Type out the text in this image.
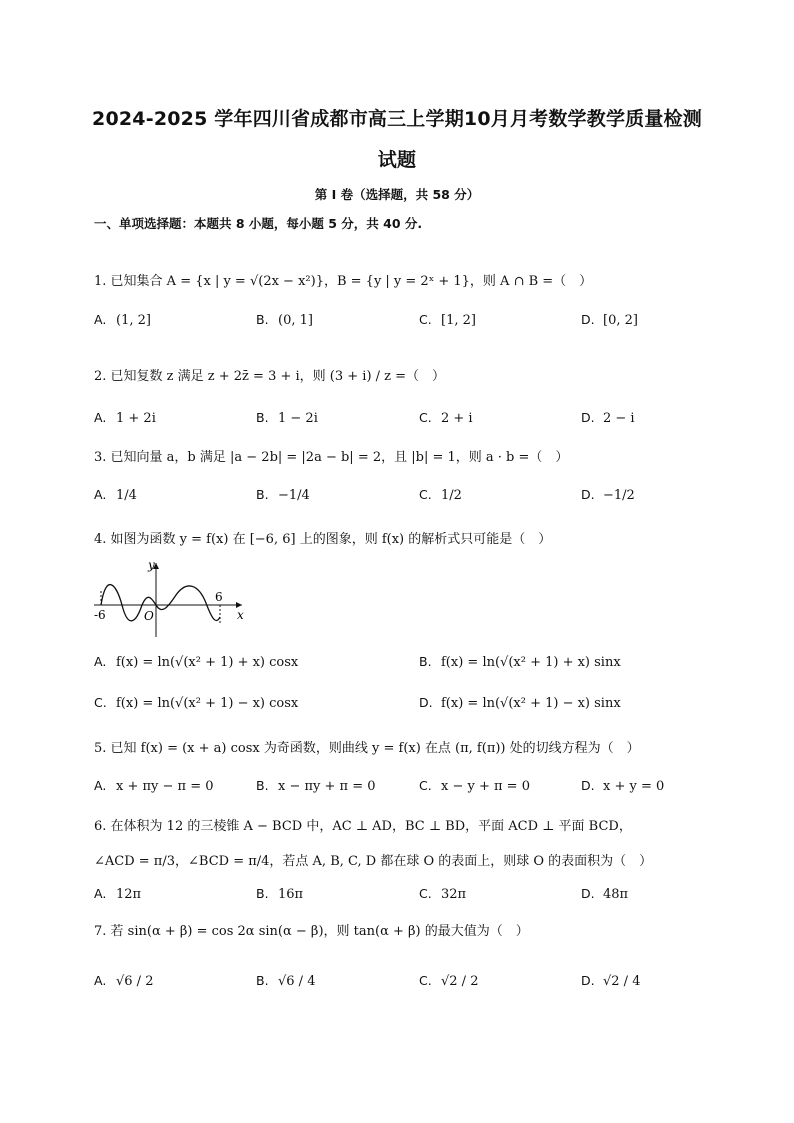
2024-2025 学年四川省成都市高三上学期10月月考数学教学质量检测
试题
第 I 卷（选择题，共 58 分）
一、单项选择题：本题共 8 小题，每小题 5 分，共 40 分.
1. 已知集合 A = {x | y = √(2x − x²)}，B = {y | y = 2ˣ + 1}，则 A ∩ B =（　）
A. (1, 2]	B. (0, 1]	C. [1, 2]	D. [0, 2]
2. 已知复数 z 满足 z + 2z̄ = 3 + i，则 (3 + i) / z =（　）
A. 1 + 2i	B. 1 − 2i	C. 2 + i	D. 2 − i
3. 已知向量 a，b 满足 |a − 2b| = |2a − b| = 2，且 |b| = 1，则 a · b =（　）
A. 1/4	B. −1/4	C. 1/2	D. −1/2
4. 如图为函数 y = f(x) 在 [−6, 6] 上的图象，则 f(x) 的解析式只可能是（　）
-6
6
O
y
x
A. f(x) = ln(√(x² + 1) + x) cosx	B. f(x) = ln(√(x² + 1) + x) sinx
C. f(x) = ln(√(x² + 1) − x) cosx	D. f(x) = ln(√(x² + 1) − x) sinx
5. 已知 f(x) = (x + a) cosx 为奇函数，则曲线 y = f(x) 在点 (π, f(π)) 处的切线方程为（　）
A. x + πy − π = 0	B. x − πy + π = 0	C. x − y + π = 0	D. x + y = 0
6. 在体积为 12 的三棱锥 A − BCD 中，AC ⊥ AD，BC ⊥ BD，平面 ACD ⊥ 平面 BCD，
∠ACD = π/3，∠BCD = π/4，若点 A, B, C, D 都在球 O 的表面上，则球 O 的表面积为（　）
A. 12π	B. 16π	C. 32π	D. 48π
7. 若 sin(α + β) = cos 2α sin(α − β)，则 tan(α + β) 的最大值为（　）
A. √6 / 2	B. √6 / 4	C. √2 / 2	D. √2 / 4
